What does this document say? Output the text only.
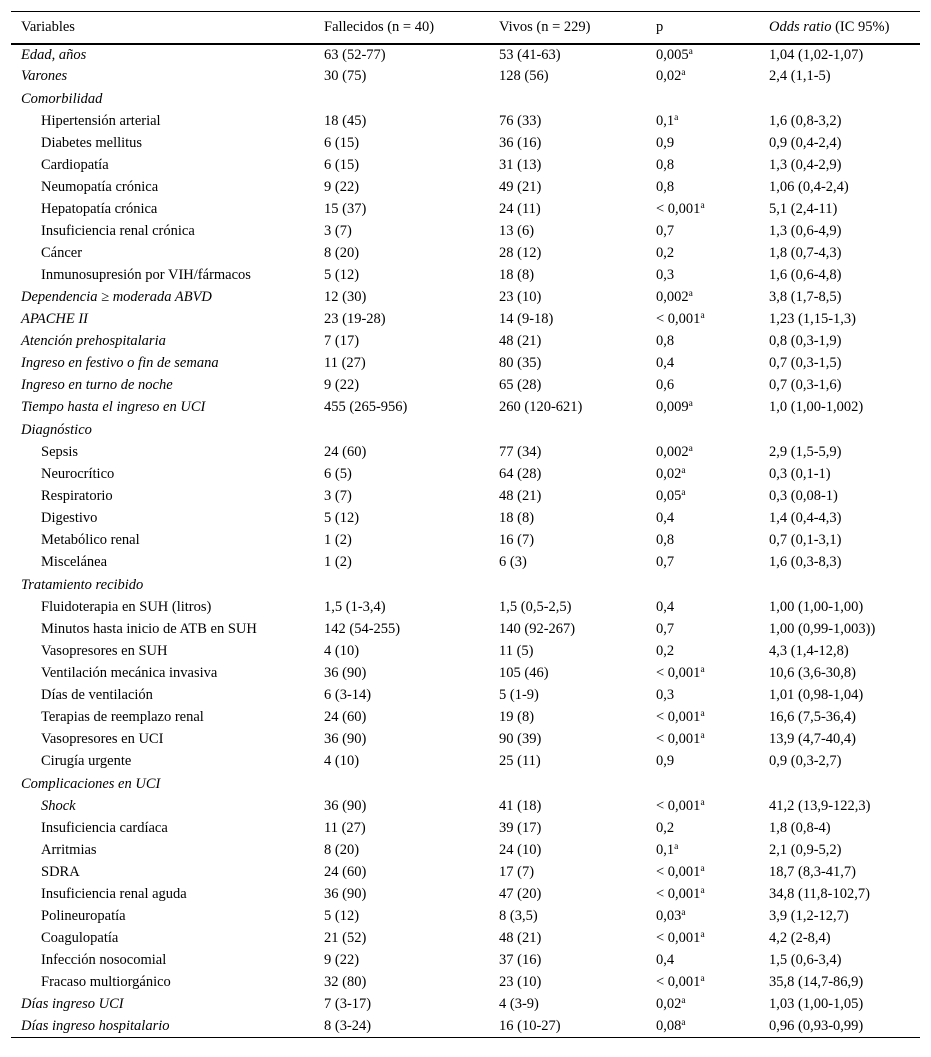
Variables	Fallecidos (n = 40)	Vivos (n = 229)	p	Odds ratio (IC 95%)
Edad, años	63 (52-77)	53 (41-63)	0,005$^a$	1,04 (1,02-1,07)
Varones	30 (75)	128 (56)	0,02$^a$	2,4 (1,1-5)
Comorbilidad				
Hipertensión arterial	18 (45)	76 (33)	0,1$^a$	1,6 (0,8-3,2)
Diabetes mellitus	6 (15)	36 (16)	0,9	0,9 (0,4-2,4)
Cardiopatía	6 (15)	31 (13)	0,8	1,3 (0,4-2,9)
Neumopatía crónica	9 (22)	49 (21)	0,8	1,06 (0,4-2,4)
Hepatopatía crónica	15 (37)	24 (11)	< 0,001$^a$	5,1 (2,4-11)
Insuficiencia renal crónica	3 (7)	13 (6)	0,7	1,3 (0,6-4,9)
Cáncer	8 (20)	28 (12)	0,2	1,8 (0,7-4,3)
Inmunosupresión por VIH/fármacos	5 (12)	18 (8)	0,3	1,6 (0,6-4,8)
Dependencia ≥ moderada ABVD	12 (30)	23 (10)	0,002$^a$	3,8 (1,7-8,5)
APACHE II	23 (19-28)	14 (9-18)	< 0,001$^a$	1,23 (1,15-1,3)
Atención prehospitalaria	7 (17)	48 (21)	0,8	0,8 (0,3-1,9)
Ingreso en festivo o fin de semana	11 (27)	80 (35)	0,4	0,7 (0,3-1,5)
Ingreso en turno de noche	9 (22)	65 (28)	0,6	0,7 (0,3-1,6)
Tiempo hasta el ingreso en UCI	455 (265-956)	260 (120-621)	0,009$^a$	1,0 (1,00-1,002)
Diagnóstico				
Sepsis	24 (60)	77 (34)	0,002$^a$	2,9 (1,5-5,9)
Neurocrítico	6 (5)	64 (28)	0,02$^a$	0,3 (0,1-1)
Respiratorio	3 (7)	48 (21)	0,05$^a$	0,3 (0,08-1)
Digestivo	5 (12)	18 (8)	0,4	1,4 (0,4-4,3)
Metabólico renal	1 (2)	16 (7)	0,8	0,7 (0,1-3,1)
Miscelánea	1 (2)	6 (3)	0,7	1,6 (0,3-8,3)
Tratamiento recibido				
Fluidoterapia en SUH (litros)	1,5 (1-3,4)	1,5 (0,5-2,5)	0,4	1,00 (1,00-1,00)
Minutos hasta inicio de ATB en SUH	142 (54-255)	140 (92-267)	0,7	1,00 (0,99-1,003))
Vasopresores en SUH	4 (10)	11 (5)	0,2	4,3 (1,4-12,8)
Ventilación mecánica invasiva	36 (90)	105 (46)	< 0,001$^a$	10,6 (3,6-30,8)
Días de ventilación	6 (3-14)	5 (1-9)	0,3	1,01 (0,98-1,04)
Terapias de reemplazo renal	24 (60)	19 (8)	< 0,001$^a$	16,6 (7,5-36,4)
Vasopresores en UCI	36 (90)	90 (39)	< 0,001$^a$	13,9 (4,7-40,4)
Cirugía urgente	4 (10)	25 (11)	0,9	0,9 (0,3-2,7)
Complicaciones en UCI				
Shock	36 (90)	41 (18)	< 0,001$^a$	41,2 (13,9-122,3)
Insuficiencia cardíaca	11 (27)	39 (17)	0,2	1,8 (0,8-4)
Arritmias	8 (20)	24 (10)	0,1$^a$	2,1 (0,9-5,2)
SDRA	24 (60)	17 (7)	< 0,001$^a$	18,7 (8,3-41,7)
Insuficiencia renal aguda	36 (90)	47 (20)	< 0,001$^a$	34,8 (11,8-102,7)
Polineuropatía	5 (12)	8 (3,5)	0,03$^a$	3,9 (1,2-12,7)
Coagulopatía	21 (52)	48 (21)	< 0,001$^a$	4,2 (2-8,4)
Infección nosocomial	9 (22)	37 (16)	0,4	1,5 (0,6-3,4)
Fracaso multiorgánico	32 (80)	23 (10)	< 0,001$^a$	35,8 (14,7-86,9)
Días ingreso UCI	7 (3-17)	4 (3-9)	0,02$^a$	1,03 (1,00-1,05)
Días ingreso hospitalario	8 (3-24)	16 (10-27)	0,08$^a$	0,96 (0,93-0,99)
